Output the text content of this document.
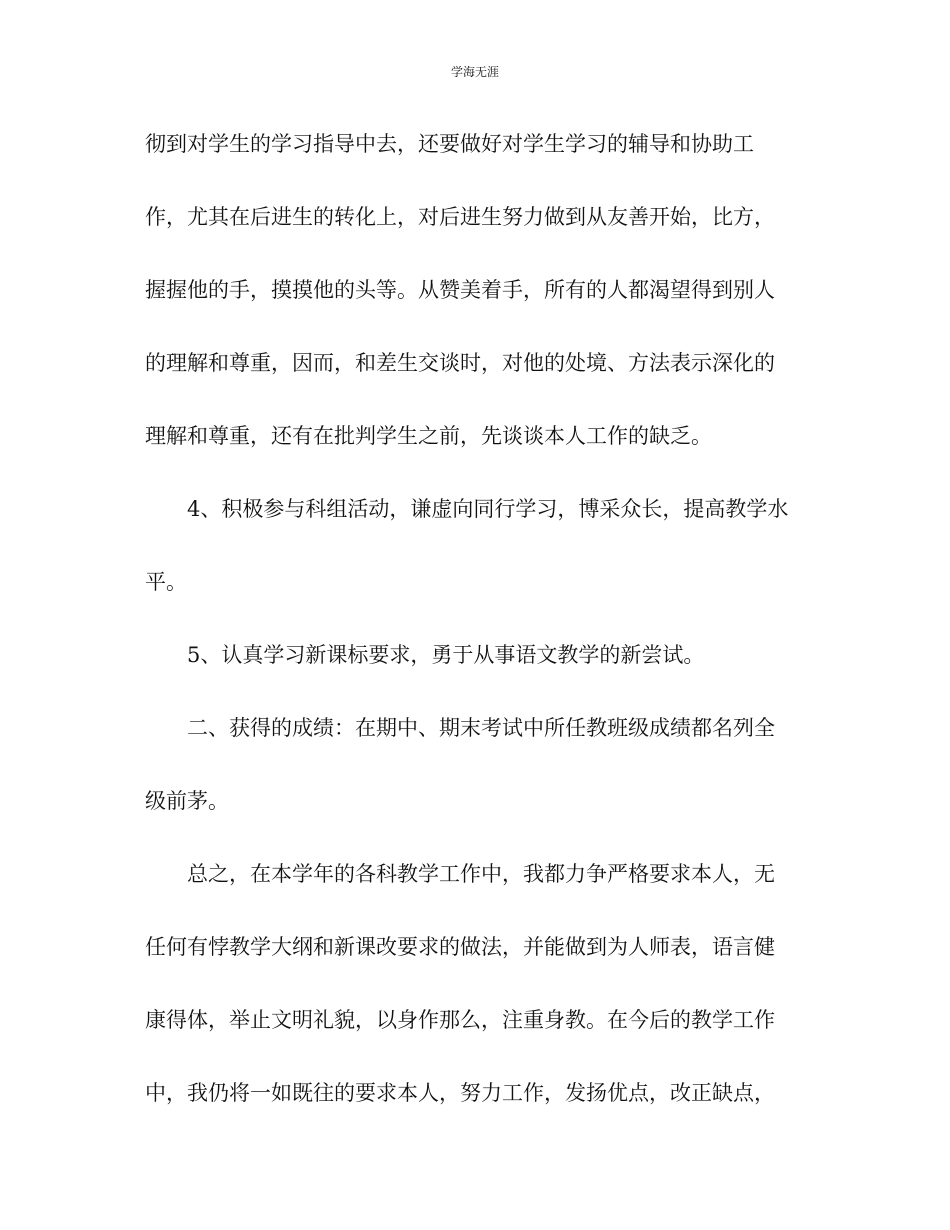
学海无涯
彻到对学生的学习指导中去，还要做好对学生学习的辅导和协助工
作，尤其在后进生的转化上，对后进生努力做到从友善开始，比方，
握握他的手，摸摸他的头等。从赞美着手，所有的人都渴望得到别人
的理解和尊重，因而，和差生交谈时，对他的处境、方法表示深化的
理解和尊重，还有在批判学生之前，先谈谈本人工作的缺乏。
4、积极参与科组活动，谦虚向同行学习，博采众长，提高教学水
平。
5、认真学习新课标要求，勇于从事语文教学的新尝试。
二、获得的成绩：在期中、期末考试中所任教班级成绩都名列全
级前茅。
总之，在本学年的各科教学工作中，我都力争严格要求本人，无
任何有悖教学大纲和新课改要求的做法，并能做到为人师表，语言健
康得体，举止文明礼貌，以身作那么，注重身教。在今后的教学工作
中，我仍将一如既往的要求本人，努力工作，发扬优点，改正缺点，
